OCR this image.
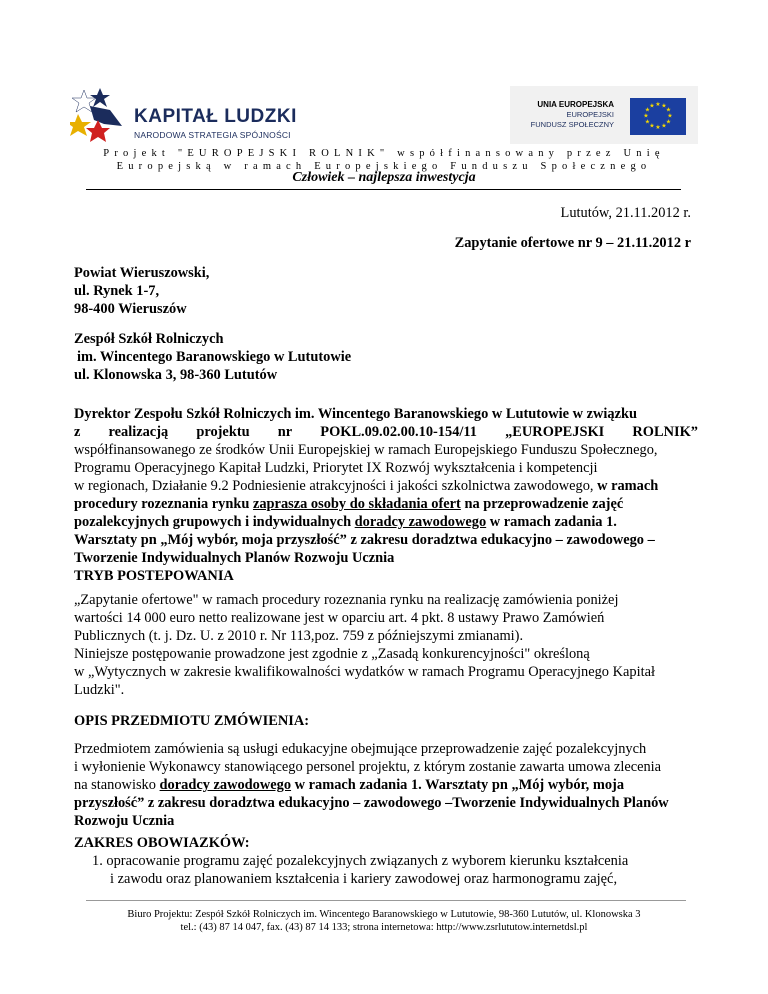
KAPITAŁ LUDZKI
NARODOWA STRATEGIA SPÓJNOŚCI
UNIA EUROPEJSKA
EUROPEJSKI
FUNDUSZ SPOŁECZNY
★ ★
★
★
★
★
★
★
★
★
★
★
Projekt "EUROPEJSKI ROLNIK" współfinansowany przez Unię
Europejską w ramach Europejskiego Funduszu Społecznego
Człowiek – najlepsza inwestycja
Lututów, 21.11.2012 r.
Zapytanie ofertowe nr 9 – 21.11.2012 r
Powiat Wieruszowski,
ul. Rynek 1-7,
98-400 Wieruszów
Zespół Szkół Rolniczych
im. Wincentego Baranowskiego w Lututowie
ul. Klonowska 3, 98-360 Lututów
Dyrektor Zespołu Szkół Rolniczych im. Wincentego Baranowskiego w Lututowie w związku
z realizacją projektu nr POKL.09.02.00.10-154/11 „EUROPEJSKI ROLNIK”
współfinansowanego ze środków Unii Europejskiej w ramach Europejskiego Funduszu Społecznego,
Programu Operacyjnego Kapitał Ludzki, Priorytet IX Rozwój wykształcenia i kompetencji
w regionach, Działanie 9.2 Podniesienie atrakcyjności i jakości szkolnictwa zawodowego, w ramach
procedury rozeznania rynku zaprasza osoby do składania ofert na przeprowadzenie zajęć
pozalekcyjnych grupowych i indywidualnych doradcy zawodowego w ramach zadania 1.
Warsztaty pn „Mój wybór, moja przyszłość” z zakresu doradztwa edukacyjno – zawodowego –
Tworzenie Indywidualnych Planów Rozwoju Ucznia
TRYB POSTEPOWANIA
„Zapytanie ofertowe" w ramach procedury rozeznania rynku na realizację zamówienia poniżej
wartości 14 000 euro netto realizowane jest w oparciu art. 4 pkt. 8 ustawy Prawo Zamówień
Publicznych (t. j. Dz. U. z 2010 r. Nr 113,poz. 759 z późniejszymi zmianami).
Niniejsze postępowanie prowadzone jest zgodnie z „Zasadą konkurencyjności" określoną
w „Wytycznych w zakresie kwalifikowalności wydatków w ramach Programu Operacyjnego Kapitał
Ludzki".
OPIS PRZEDMIOTU ZMÓWIENIA:
Przedmiotem zamówienia są usługi edukacyjne obejmujące przeprowadzenie zajęć pozalekcyjnych
i wyłonienie Wykonawcy stanowiącego personel projektu, z którym zostanie zawarta umowa zlecenia
na stanowisko doradcy zawodowego w ramach zadania 1. Warsztaty pn „Mój wybór, moja
przyszłość” z zakresu doradztwa edukacyjno – zawodowego –Tworzenie Indywidualnych Planów
Rozwoju Ucznia
ZAKRES OBOWIAZKÓW:
1. opracowanie programu zajęć pozalekcyjnych związanych z wyborem kierunku kształcenia
i zawodu oraz planowaniem kształcenia i kariery zawodowej oraz harmonogramu zajęć,
Biuro Projektu: Zespół Szkół Rolniczych im. Wincentego Baranowskiego w Lututowie, 98-360 Lututów, ul. Klonowska 3
tel.: (43) 87 14 047, fax. (43) 87 14 133; strona internetowa: http://www.zsrlututow.internetdsl.pl
